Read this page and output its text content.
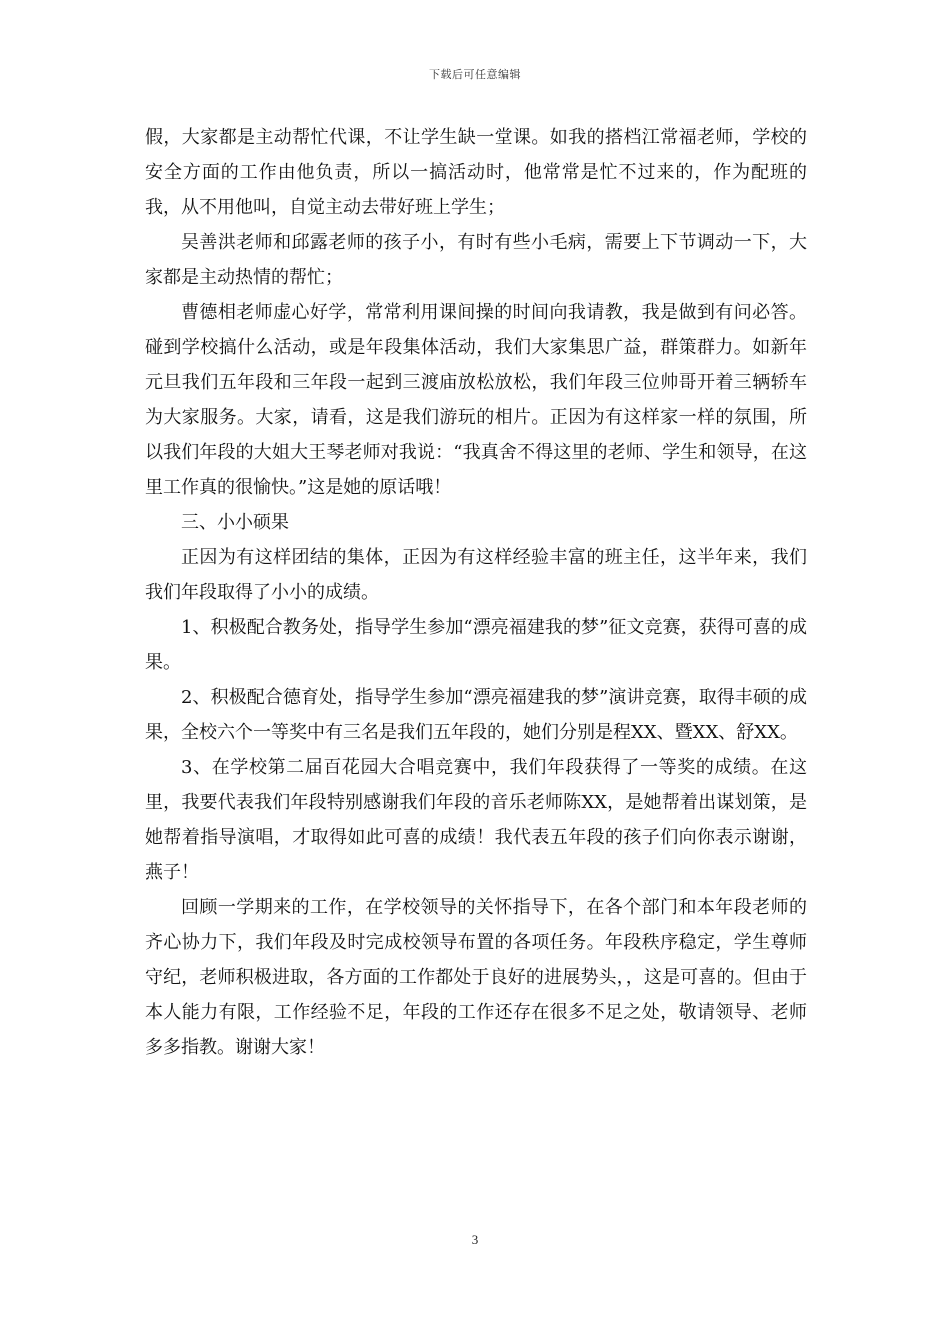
下载后可任意编辑

假，大家都是主动帮忙代课，不让学生缺一堂课。如我的搭档江常福老师，学校的安全方面的工作由他负责，所以一搞活动时，他常常是忙不过来的，作为配班的我，从不用他叫，自觉主动去带好班上学生；

吴善洪老师和邱露老师的孩子小，有时有些小毛病，需要上下节调动一下，大家都是主动热情的帮忙；

曹德相老师虚心好学，常常利用课间操的时间向我请教，我是做到有问必答。碰到学校搞什么活动，或是年段集体活动，我们大家集思广益，群策群力。如新年元旦我们五年段和三年段一起到三渡庙放松放松，我们年段三位帅哥开着三辆轿车为大家服务。大家，请看，这是我们游玩的相片。正因为有这样家一样的氛围，所以我们年段的大姐大王琴老师对我说：“我真舍不得这里的老师、学生和领导，在这里工作真的很愉快。”这是她的原话哦！

三、小小硕果

正因为有这样团结的集体，正因为有这样经验丰富的班主任，这半年来，我们我们年段取得了小小的成绩。

1、积极配合教务处，指导学生参加“漂亮福建我的梦”征文竞赛，获得可喜的成果。

2、积极配合德育处，指导学生参加“漂亮福建我的梦”演讲竞赛，取得丰硕的成果，全校六个一等奖中有三名是我们五年段的，她们分别是程XX、暨XX、舒XX。

3、在学校第二届百花园大合唱竞赛中，我们年段获得了一等奖的成绩。在这里，我要代表我们年段特别感谢我们年段的音乐老师陈XX，是她帮着出谋划策，是她帮着指导演唱，才取得如此可喜的成绩！我代表五年段的孩子们向你表示谢谢，燕子！

回顾一学期来的工作，在学校领导的关怀指导下，在各个部门和本年段老师的齐心协力下，我们年段及时完成校领导布置的各项任务。年段秩序稳定，学生尊师守纪，老师积极进取，各方面的工作都处于良好的进展势头，，这是可喜的。但由于本人能力有限，工作经验不足，年段的工作还存在很多不足之处，敬请领导、老师多多指教。谢谢大家！

3
